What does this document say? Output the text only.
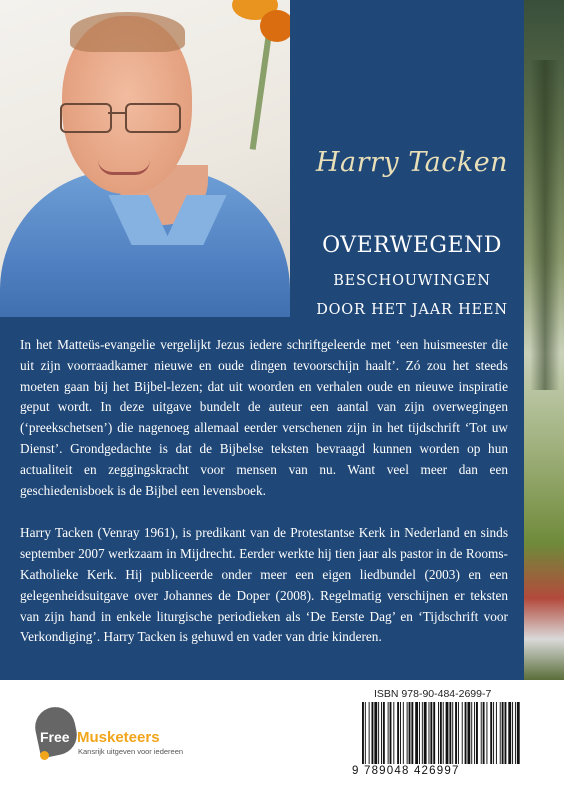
Harry Tacken
OVERWEGEND
BESCHOUWINGEN
DOOR HET JAAR HEEN

In het Matteüs-evangelie vergelijkt Jezus iedere schriftgeleerde met ‘een huismeester die uit zijn voorraadkamer nieuwe en oude dingen tevoorschijn haalt’. Zó zou het steeds moeten gaan bij het Bijbel-lezen; dat uit woorden en verhalen oude en nieuwe inspiratie geput wordt. In deze uitgave bundelt de auteur een aantal van zijn overwegingen (‘preekschetsen’) die nagenoeg allemaal eerder verschenen zijn in het tijdschrift ‘Tot uw Dienst’. Grondgedachte is dat de Bijbelse teksten bevraagd kunnen worden op hun actualiteit en zeggingskracht voor mensen van nu. Want veel meer dan een geschiedenisboek is de Bijbel een levensboek.

Harry Tacken (Venray 1961), is predikant van de Protestantse Kerk in Nederland en sinds september 2007 werkzaam in Mijdrecht. Eerder werkte hij tien jaar als pastor in de Rooms-Katholieke Kerk. Hij publiceerde onder meer een eigen liedbundel (2003) en een gelegenheidsuitgave over Johannes de Doper (2008). Regelmatig verschijnen er teksten van zijn hand in enkele liturgische periodieken als ‘De Eerste Dag’ en ‘Tijdschrift voor Verkondiging’. Harry Tacken is gehuwd en vader van drie kinderen.

Free Musketeers
Kansrijk uitgeven voor iedereen
ISBN 978-90-484-2699-7
9 789048 426997
